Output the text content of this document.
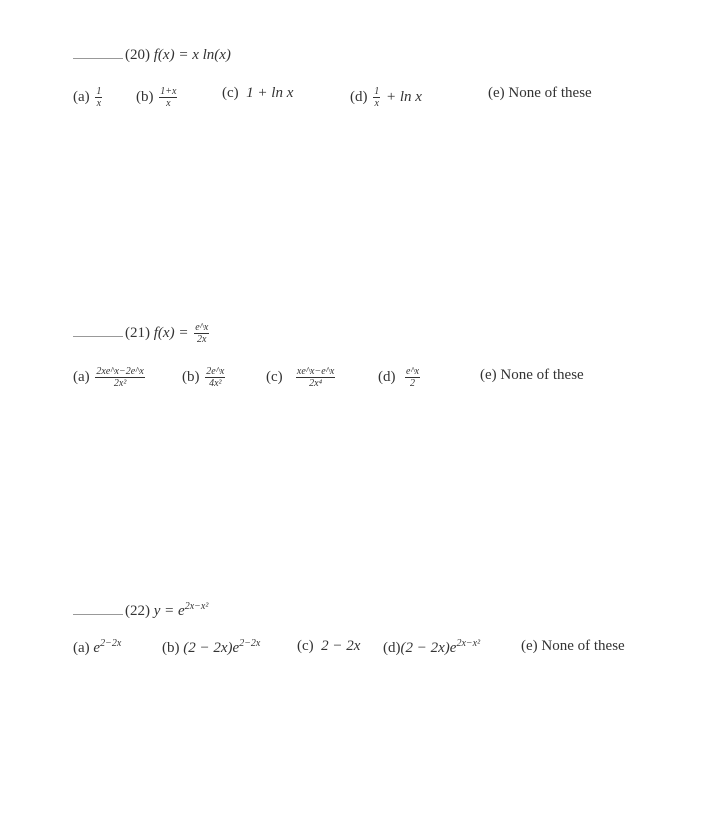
(20) f(x) = x ln(x)
$(a) \frac{1}{x} (b) \frac{1+x}{x}$	(c) 1 + ln x	$(d) \frac{1}{x} + \ln x$	(e) None of these
(21) $f(x) = \frac{e\^{}x}{2x}$
$(a) \frac{2xe\^{}x-2e\^{}x}{\text{2x²}} (b) \frac{2e\^{}x}{\text{4x²}}$	$(c) \frac{xe\^{}x-e\^{}x}{\text{2x⁴}}$	$(d) \frac{e\^{}x}{2}$	(e) None of these
(22) $y = e^{2x-x^2}$
(a) $e^{2-2x}$	(b) $(2 - 2x)e^{2-2x}$ (c) 2 − 2x $(d)(2 - 2x)e^{2x-x^2}$	(e) None of these
